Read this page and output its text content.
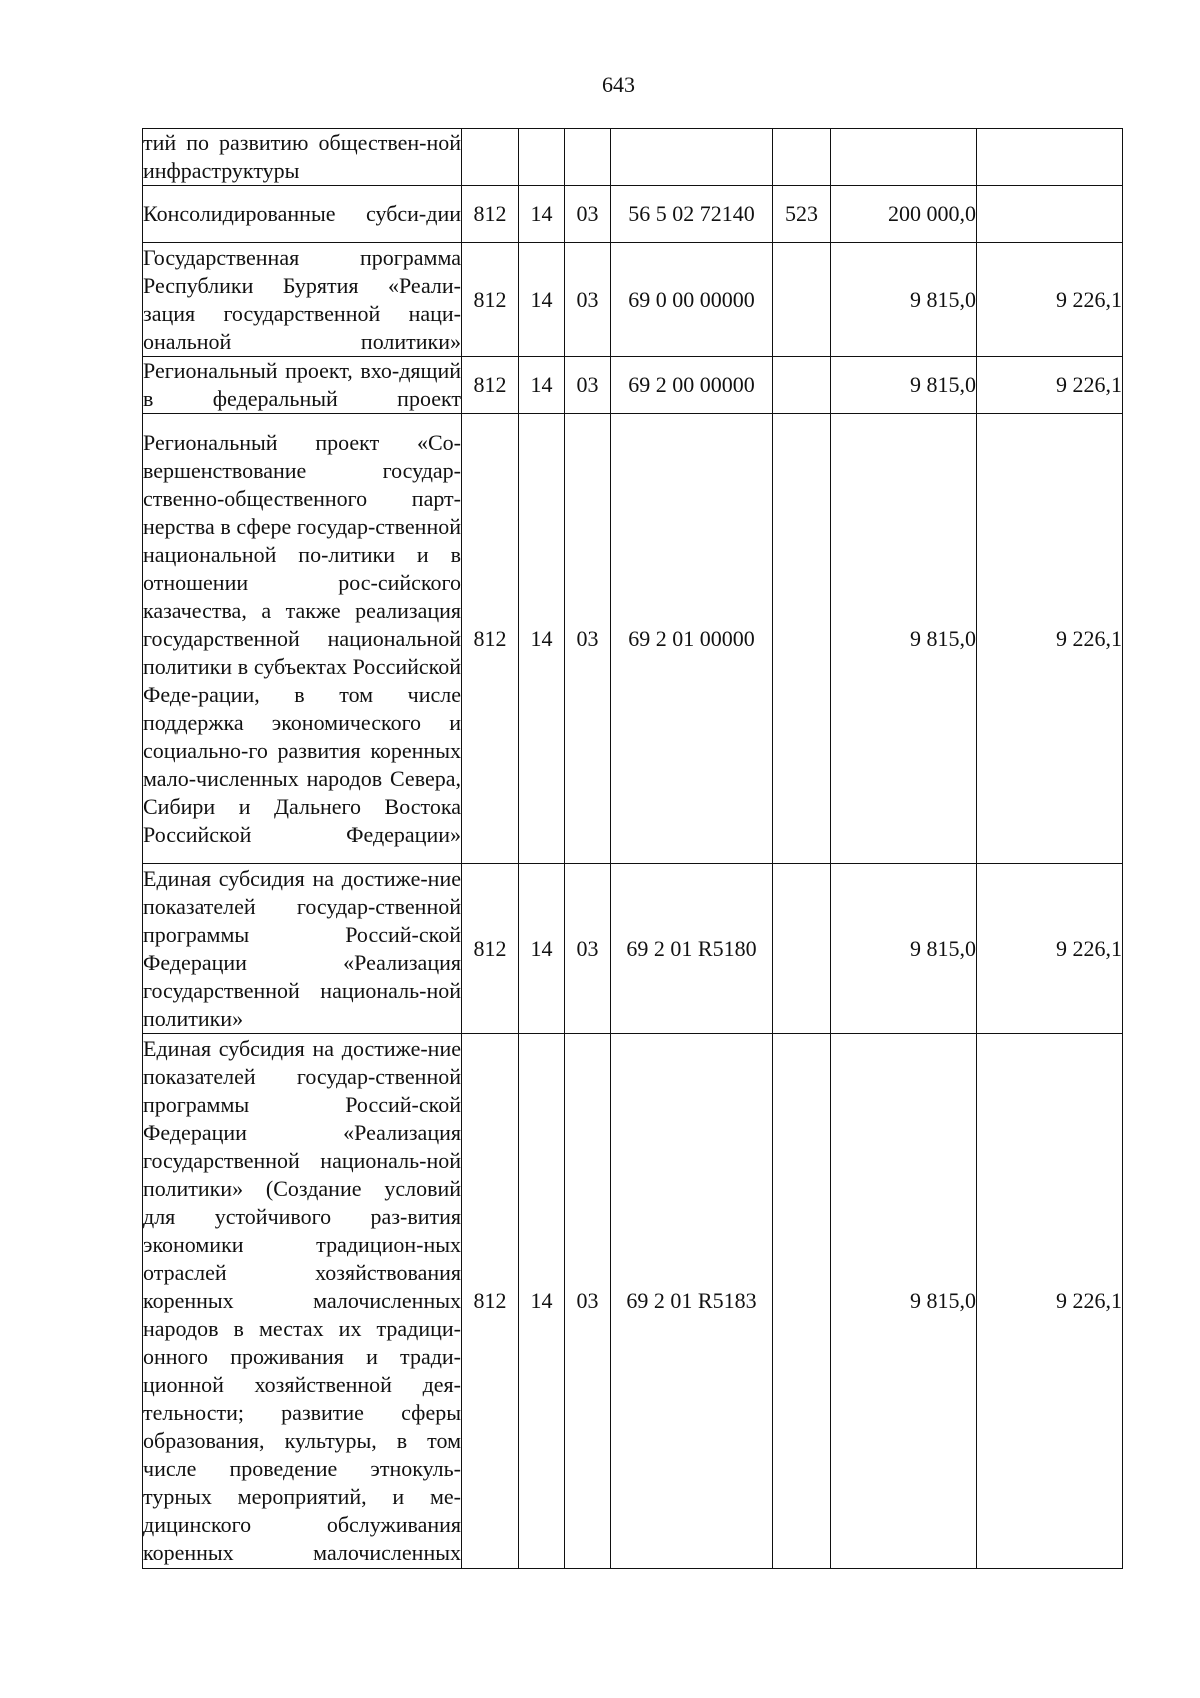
643
тий по развитию обществен-ной инфраструктуры							
Консолидированные субси-дии	812	14	03	56 5 02 72140	523	200 000,0	
Государственная программа Республики Бурятия «Реали-зация государственной наци-ональной политики»	812	14	03	69 0 00 00000		9 815,0	9 226,1
Региональный проект, вхо-дящий в федеральный проект	812	14	03	69 2 00 00000		9 815,0	9 226,1
Региональный проект «Со-вершенствование государ-ственно-общественного парт-нерства в сфере государ-ственной национальной по-литики и в отношении рос-сийского казачества, а также реализация государственной национальной политики в субъектах Российской Феде-рации, в том числе поддержка экономического и социально-го развития коренных мало-численных народов Севера, Сибири и Дальнего Востока Российской Федерации»	812	14	03	69 2 01 00000		9 815,0	9 226,1
Единая субсидия на достиже-ние показателей государ-ственной программы Россий-ской Федерации «Реализация государственной националь-ной политики»	812	14	03	69 2 01 R5180		9 815,0	9 226,1
Единая субсидия на достиже-ние показателей государ-ственной программы Россий-ской Федерации «Реализация государственной националь-ной политики» (Создание условий для устойчивого раз-вития экономики традицион-ных отраслей хозяйствования коренных малочисленных народов в местах их традици-онного проживания и тради-ционной хозяйственной дея-тельности; развитие сферы образования, культуры, в том числе проведение этнокуль-турных мероприятий, и ме-дицинского обслуживания коренных малочисленных	812	14	03	69 2 01 R5183		9 815,0	9 226,1
